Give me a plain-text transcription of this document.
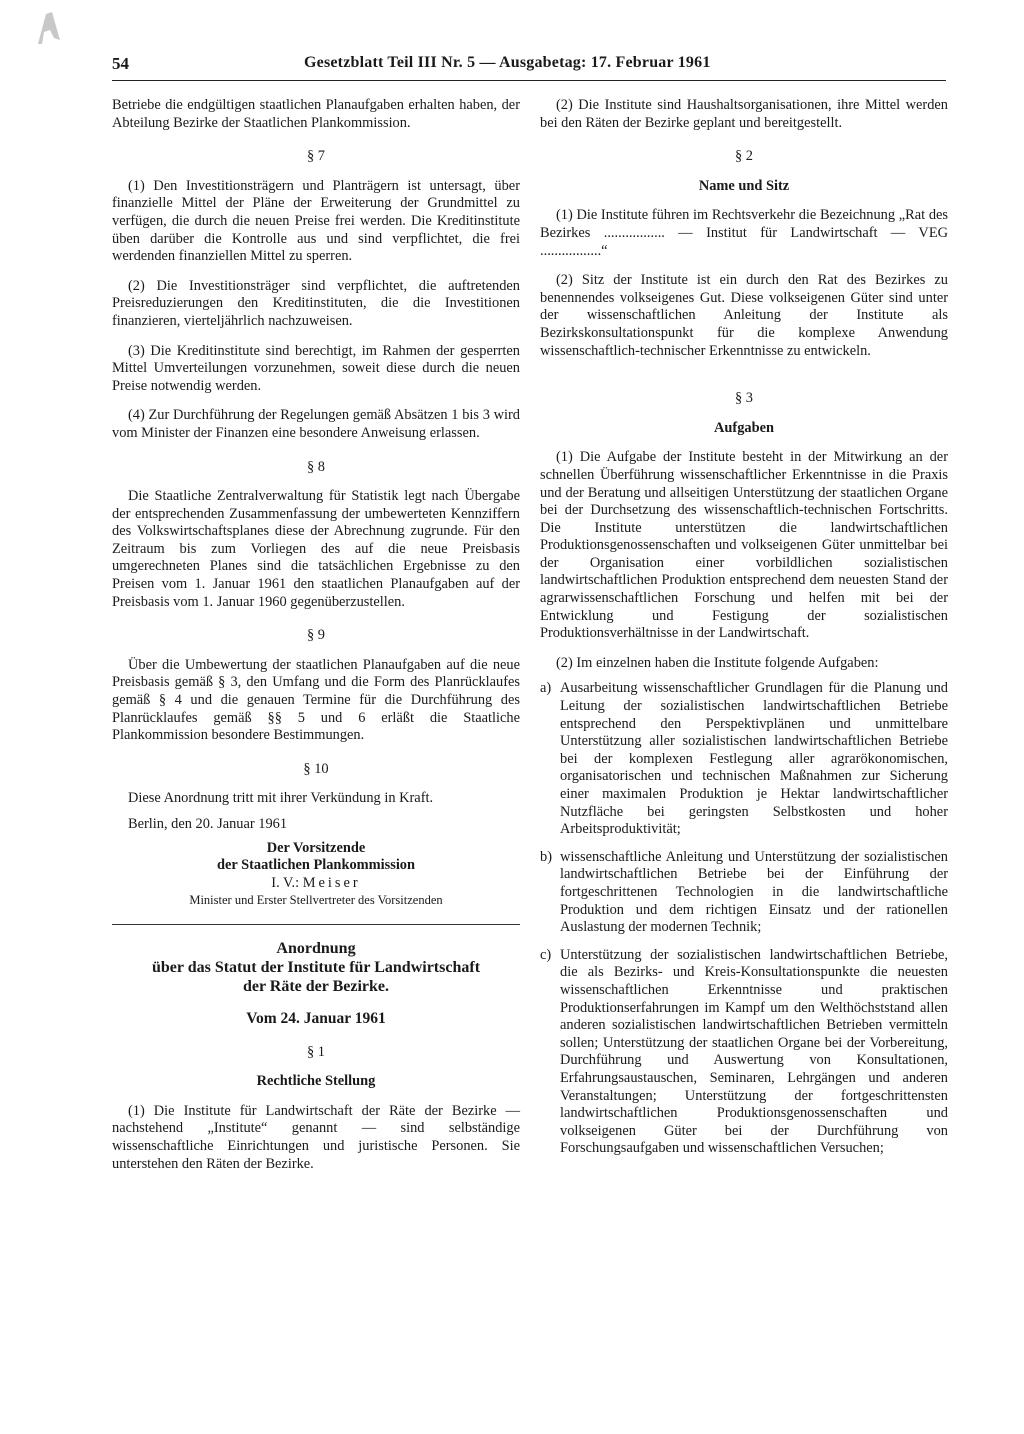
54	Gesetzblatt Teil III Nr. 5 — Ausgabetag: 17. Februar 1961

Betriebe die endgültigen staatlichen Planaufgaben erhalten haben, der Abteilung Bezirke der Staatlichen Plankommission.

§ 7

(1) Den Investitionsträgern und Planträgern ist untersagt, über finanzielle Mittel der Pläne der Erweiterung der Grundmittel zu verfügen, die durch die neuen Preise frei werden. Die Kreditinstitute üben darüber die Kontrolle aus und sind verpflichtet, die frei werdenden finanziellen Mittel zu sperren.

(2) Die Investitionsträger sind verpflichtet, die auftretenden Preisreduzierungen den Kreditinstituten, die die Investitionen finanzieren, vierteljährlich nachzuweisen.

(3) Die Kreditinstitute sind berechtigt, im Rahmen der gesperrten Mittel Umverteilungen vorzunehmen, soweit diese durch die neuen Preise notwendig werden.

(4) Zur Durchführung der Regelungen gemäß Absätzen 1 bis 3 wird vom Minister der Finanzen eine besondere Anweisung erlassen.

§ 8

Die Staatliche Zentralverwaltung für Statistik legt nach Übergabe der entsprechenden Zusammenfassung der umbewerteten Kennziffern des Volkswirtschaftsplanes diese der Abrechnung zugrunde. Für den Zeitraum bis zum Vorliegen des auf die neue Preisbasis umgerechneten Planes sind die tatsächlichen Ergebnisse zu den Preisen vom 1. Januar 1961 den staatlichen Planaufgaben auf der Preisbasis vom 1. Januar 1960 gegenüberzustellen.

§ 9

Über die Umbewertung der staatlichen Planaufgaben auf die neue Preisbasis gemäß § 3, den Umfang und die Form des Planrücklaufes gemäß § 4 und die genauen Termine für die Durchführung des Planrücklaufes gemäß §§ 5 und 6 erläßt die Staatliche Plankommission besondere Bestimmungen.

§ 10

Diese Anordnung tritt mit ihrer Verkündung in Kraft.

Berlin, den 20. Januar 1961

Der Vorsitzende
der Staatlichen Plankommission
I. V.: Meiser
Minister und Erster Stellvertreter des Vorsitzenden
Anordnung
über das Statut der Institute für Landwirtschaft
der Räte der Bezirke.
Vom 24. Januar 1961
§ 1
Rechtliche Stellung

(1) Die Institute für Landwirtschaft der Räte der Bezirke — nachstehend „Institute“ genannt — sind selbständige wissenschaftliche Einrichtungen und juristische Personen. Sie unterstehen den Räten der Bezirke.

(2) Die Institute sind Haushaltsorganisationen, ihre Mittel werden bei den Räten der Bezirke geplant und bereitgestellt.

§ 2
Name und Sitz

(1) Die Institute führen im Rechtsverkehr die Bezeichnung „Rat des Bezirkes ................. — Institut für Landwirtschaft — VEG .................“

(2) Sitz der Institute ist ein durch den Rat des Bezirkes zu benennendes volkseigenes Gut. Diese volkseigenen Güter sind unter der wissenschaftlichen Anleitung der Institute als Bezirkskonsultationspunkt für die komplexe Anwendung wissenschaftlich-technischer Erkenntnisse zu entwickeln.

§ 3
Aufgaben

(1) Die Aufgabe der Institute besteht in der Mitwirkung an der schnellen Überführung wissenschaftlicher Erkenntnisse in die Praxis und der Beratung und allseitigen Unterstützung der staatlichen Organe bei der Durchsetzung des wissenschaftlich-technischen Fortschritts. Die Institute unterstützen die landwirtschaftlichen Produktionsgenossenschaften und volkseigenen Güter unmittelbar bei der Organisation einer vorbildlichen sozialistischen landwirtschaftlichen Produktion entsprechend dem neuesten Stand der agrarwissenschaftlichen Forschung und helfen mit bei der Entwicklung und Festigung der sozialistischen Produktionsverhältnisse in der Landwirtschaft.

(2) Im einzelnen haben die Institute folgende Aufgaben:

a) Ausarbeitung wissenschaftlicher Grundlagen für die Planung und Leitung der sozialistischen landwirtschaftlichen Betriebe entsprechend den Perspektivplänen und unmittelbare Unterstützung aller sozialistischen landwirtschaftlichen Betriebe bei der komplexen Festlegung aller agrarökonomischen, organisatorischen und technischen Maßnahmen zur Sicherung einer maximalen Produktion je Hektar landwirtschaftlicher Nutzfläche bei geringsten Selbstkosten und hoher Arbeitsproduktivität;
b) wissenschaftliche Anleitung und Unterstützung der sozialistischen landwirtschaftlichen Betriebe bei der Einführung der fortgeschrittenen Technologien in die landwirtschaftliche Produktion und dem richtigen Einsatz und der rationellen Auslastung der modernen Technik;
c) Unterstützung der sozialistischen landwirtschaftlichen Betriebe, die als Bezirks- und Kreis-Konsultationspunkte die neuesten wissenschaftlichen Erkenntnisse und praktischen Produktionserfahrungen im Kampf um den Welthöchststand allen anderen sozialistischen landwirtschaftlichen Betrieben vermitteln sollen; Unterstützung der staatlichen Organe bei der Vorbereitung, Durchführung und Auswertung von Konsultationen, Erfahrungsaustauschen, Seminaren, Lehrgängen und anderen Veranstaltungen; Unterstützung der fortgeschrittensten landwirtschaftlichen Produktionsgenossenschaften und volkseigenen Güter bei der Durchführung von Forschungsaufgaben und wissenschaftlichen Versuchen;
